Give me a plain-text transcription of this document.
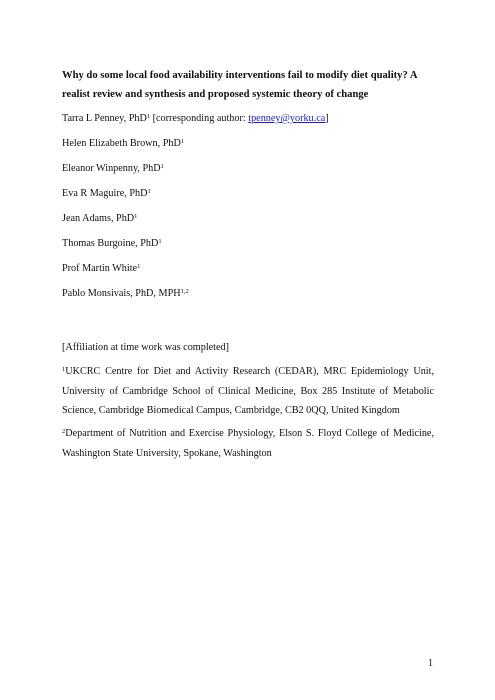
Why do some local food availability interventions fail to modify diet quality? A realist review and synthesis and proposed systemic theory of change
Tarra L Penney, PhD$^1$ [corresponding author: tpenney@yorku.ca]
Helen Elizabeth Brown, PhD$^1$
Eleanor Winpenny, PhD$^1$
Eva R Maguire, PhD$^1$
Jean Adams, PhD$^1$
Thomas Burgoine, PhD$^1$
Prof Martin White$^1$
Pablo Monsivais, PhD, MPH$^{1,2}$
[Affiliation at time work was completed]
$^1$UKCRC Centre for Diet and Activity Research (CEDAR), MRC Epidemiology Unit, University of Cambridge School of Clinical Medicine, Box 285 Institute of Metabolic Science, Cambridge Biomedical Campus, Cambridge, CB2 0QQ, United Kingdom
$^2$Department of Nutrition and Exercise Physiology, Elson S. Floyd College of Medicine, Washington State University, Spokane, Washington
1
